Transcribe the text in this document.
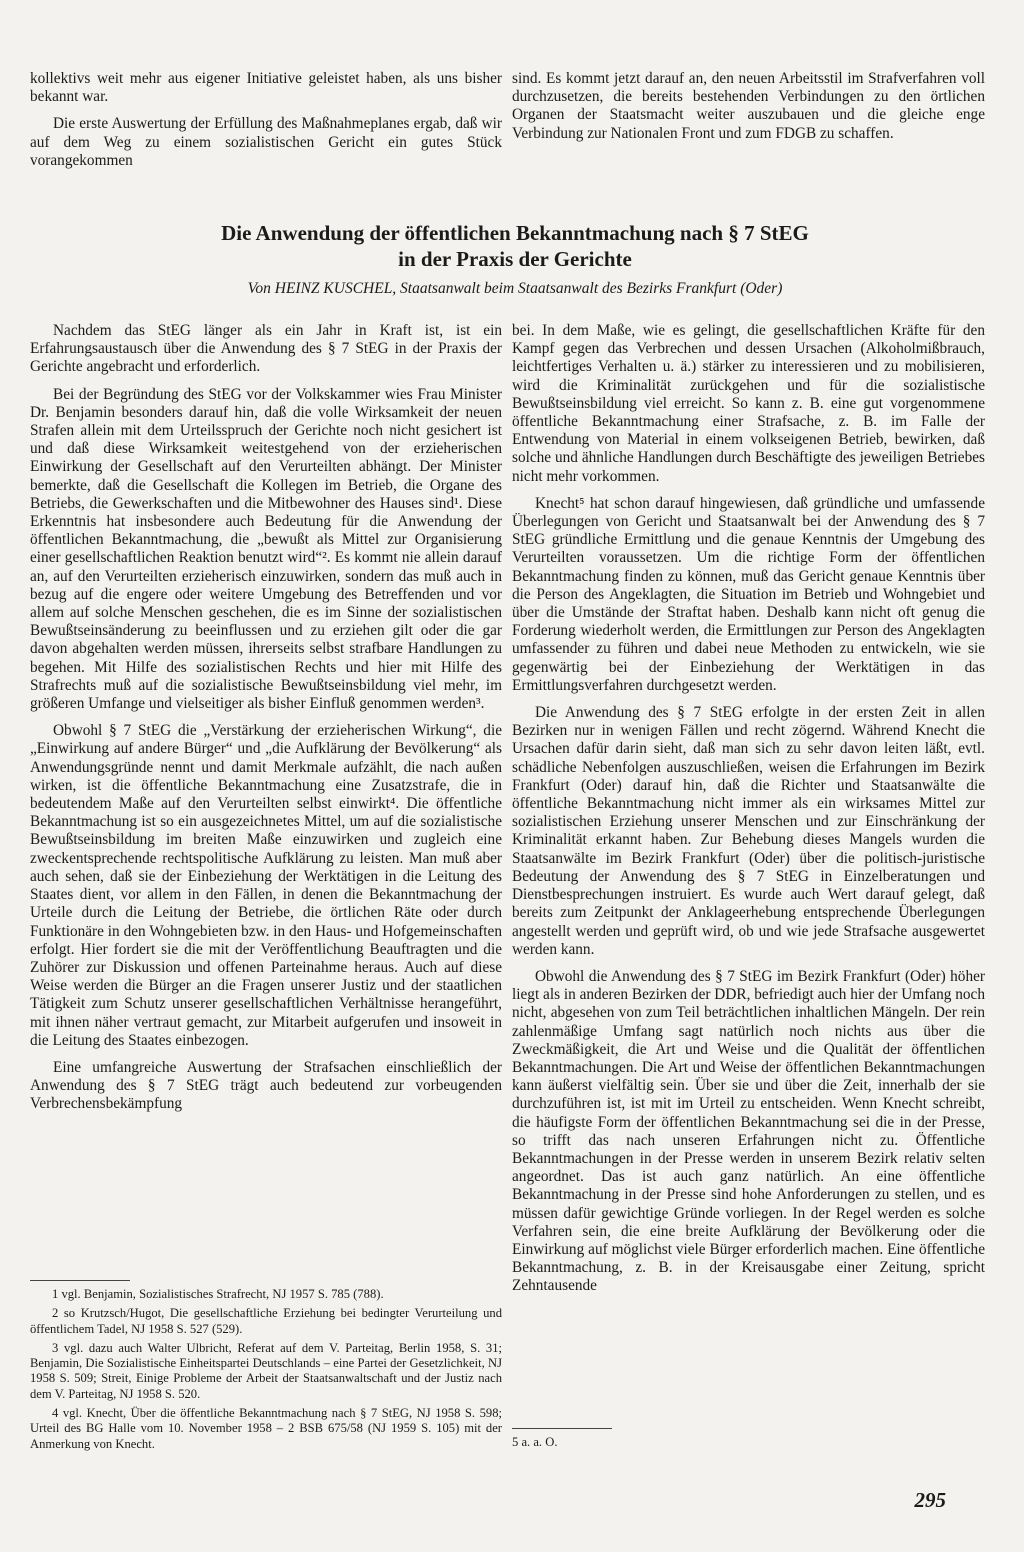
kollektivs weit mehr aus eigener Initiative geleistet haben, als uns bisher bekannt war.

Die erste Auswertung der Erfüllung des Maßnahmeplanes ergab, daß wir auf dem Weg zu einem sozialistischen Gericht ein gutes Stück vorangekommen

sind. Es kommt jetzt darauf an, den neuen Arbeitsstil im Strafverfahren voll durchzusetzen, die bereits bestehenden Verbindungen zu den örtlichen Organen der Staatsmacht weiter auszubauen und die gleiche enge Verbindung zur Nationalen Front und zum FDGB zu schaffen.

Die Anwendung der öffentlichen Bekanntmachung nach § 7 StEG
in der Praxis der Gerichte
Von HEINZ KUSCHEL, Staatsanwalt beim Staatsanwalt des Bezirks Frankfurt (Oder)

Nachdem das StEG länger als ein Jahr in Kraft ist, ist ein Erfahrungsaustausch über die Anwendung des § 7 StEG in der Praxis der Gerichte angebracht und erforderlich.

Bei der Begründung des StEG vor der Volkskammer wies Frau Minister Dr. Benjamin besonders darauf hin, daß die volle Wirksamkeit der neuen Strafen allein mit dem Urteilsspruch der Gerichte noch nicht gesichert ist und daß diese Wirksamkeit weitestgehend von der erzieherischen Einwirkung der Gesellschaft auf den Verurteilten abhängt. Der Minister bemerkte, daß die Gesellschaft die Kollegen im Betrieb, die Organe des Betriebs, die Gewerkschaften und die Mitbewohner des Hauses sind¹. Diese Erkenntnis hat insbesondere auch Bedeutung für die Anwendung der öffentlichen Bekanntmachung, die „bewußt als Mittel zur Organisierung einer gesellschaftlichen Reaktion benutzt wird“². Es kommt nie allein darauf an, auf den Verurteilten erzieherisch einzuwirken, sondern das muß auch in bezug auf die engere oder weitere Umgebung des Betreffenden und vor allem auf solche Menschen geschehen, die es im Sinne der sozialistischen Bewußtseinsänderung zu beeinflussen und zu erziehen gilt oder die gar davon abgehalten werden müssen, ihrerseits selbst strafbare Handlungen zu begehen. Mit Hilfe des sozialistischen Rechts und hier mit Hilfe des Strafrechts muß auf die sozialistische Bewußtseinsbildung viel mehr, im größeren Umfange und vielseitiger als bisher Einfluß genommen werden³.

Obwohl § 7 StEG die „Verstärkung der erzieherischen Wirkung“, die „Einwirkung auf andere Bürger“ und „die Aufklärung der Bevölkerung“ als Anwendungsgründe nennt und damit Merkmale aufzählt, die nach außen wirken, ist die öffentliche Bekanntmachung eine Zusatzstrafe, die in bedeutendem Maße auf den Verurteilten selbst einwirkt⁴. Die öffentliche Bekanntmachung ist so ein ausgezeichnetes Mittel, um auf die sozialistische Bewußtseinsbildung im breiten Maße einzuwirken und zugleich eine zweckentsprechende rechtspolitische Aufklärung zu leisten. Man muß aber auch sehen, daß sie der Einbeziehung der Werktätigen in die Leitung des Staates dient, vor allem in den Fällen, in denen die Bekanntmachung der Urteile durch die Leitung der Betriebe, die örtlichen Räte oder durch Funktionäre in den Wohngebieten bzw. in den Haus- und Hofgemeinschaften erfolgt. Hier fordert sie die mit der Veröffentlichung Beauftragten und die Zuhörer zur Diskussion und offenen Parteinahme heraus. Auch auf diese Weise werden die Bürger an die Fragen unserer Justiz und der staatlichen Tätigkeit zum Schutz unserer gesellschaftlichen Verhältnisse herangeführt, mit ihnen näher vertraut gemacht, zur Mitarbeit aufgerufen und insoweit in die Leitung des Staates einbezogen.

Eine umfangreiche Auswertung der Strafsachen einschließlich der Anwendung des § 7 StEG trägt auch bedeutend zur vorbeugenden Verbrechensbekämpfung

1 vgl. Benjamin, Sozialistisches Strafrecht, NJ 1957 S. 785 (788).

2 so Krutzsch/Hugot, Die gesellschaftliche Erziehung bei bedingter Verurteilung und öffentlichem Tadel, NJ 1958 S. 527 (529).

3 vgl. dazu auch Walter Ulbricht, Referat auf dem V. Parteitag, Berlin 1958, S. 31; Benjamin, Die Sozialistische Einheitspartei Deutschlands – eine Partei der Gesetzlichkeit, NJ 1958 S. 509; Streit, Einige Probleme der Arbeit der Staatsanwaltschaft und der Justiz nach dem V. Parteitag, NJ 1958 S. 520.

4 vgl. Knecht, Über die öffentliche Bekanntmachung nach § 7 StEG, NJ 1958 S. 598; Urteil des BG Halle vom 10. November 1958 – 2 BSB 675/58 (NJ 1959 S. 105) mit der Anmerkung von Knecht.

bei. In dem Maße, wie es gelingt, die gesellschaftlichen Kräfte für den Kampf gegen das Verbrechen und dessen Ursachen (Alkoholmißbrauch, leichtfertiges Verhalten u. ä.) stärker zu interessieren und zu mobilisieren, wird die Kriminalität zurückgehen und für die sozialistische Bewußtseinsbildung viel erreicht. So kann z. B. eine gut vorgenommene öffentliche Bekanntmachung einer Strafsache, z. B. im Falle der Entwendung von Material in einem volkseigenen Betrieb, bewirken, daß solche und ähnliche Handlungen durch Beschäftigte des jeweiligen Betriebes nicht mehr vorkommen.

Knecht⁵ hat schon darauf hingewiesen, daß gründliche und umfassende Überlegungen von Gericht und Staatsanwalt bei der Anwendung des § 7 StEG gründliche Ermittlung und die genaue Kenntnis der Umgebung des Verurteilten voraussetzen. Um die richtige Form der öffentlichen Bekanntmachung finden zu können, muß das Gericht genaue Kenntnis über die Person des Angeklagten, die Situation im Betrieb und Wohngebiet und über die Umstände der Straftat haben. Deshalb kann nicht oft genug die Forderung wiederholt werden, die Ermittlungen zur Person des Angeklagten umfassender zu führen und dabei neue Methoden zu entwickeln, wie sie gegenwärtig bei der Einbeziehung der Werktätigen in das Ermittlungsverfahren durchgesetzt werden.

Die Anwendung des § 7 StEG erfolgte in der ersten Zeit in allen Bezirken nur in wenigen Fällen und recht zögernd. Während Knecht die Ursachen dafür darin sieht, daß man sich zu sehr davon leiten läßt, evtl. schädliche Nebenfolgen auszuschließen, weisen die Erfahrungen im Bezirk Frankfurt (Oder) darauf hin, daß die Richter und Staatsanwälte die öffentliche Bekanntmachung nicht immer als ein wirksames Mittel zur sozialistischen Erziehung unserer Menschen und zur Einschränkung der Kriminalität erkannt haben. Zur Behebung dieses Mangels wurden die Staatsanwälte im Bezirk Frankfurt (Oder) über die politisch-juristische Bedeutung der Anwendung des § 7 StEG in Einzelberatungen und Dienstbesprechungen instruiert. Es wurde auch Wert darauf gelegt, daß bereits zum Zeitpunkt der Anklageerhebung entsprechende Überlegungen angestellt werden und geprüft wird, ob und wie jede Strafsache ausgewertet werden kann.

Obwohl die Anwendung des § 7 StEG im Bezirk Frankfurt (Oder) höher liegt als in anderen Bezirken der DDR, befriedigt auch hier der Umfang noch nicht, abgesehen von zum Teil beträchtlichen inhaltlichen Mängeln. Der rein zahlenmäßige Umfang sagt natürlich noch nichts aus über die Zweckmäßigkeit, die Art und Weise und die Qualität der öffentlichen Bekanntmachungen. Die Art und Weise der öffentlichen Bekanntmachungen kann äußerst vielfältig sein. Über sie und über die Zeit, innerhalb der sie durchzuführen ist, ist mit im Urteil zu entscheiden. Wenn Knecht schreibt, die häufigste Form der öffentlichen Bekanntmachung sei die in der Presse, so trifft das nach unseren Erfahrungen nicht zu. Öffentliche Bekanntmachungen in der Presse werden in unserem Bezirk relativ selten angeordnet. Das ist auch ganz natürlich. An eine öffentliche Bekanntmachung in der Presse sind hohe Anforderungen zu stellen, und es müssen dafür gewichtige Gründe vorliegen. In der Regel werden es solche Verfahren sein, die eine breite Aufklärung der Bevölkerung oder die Einwirkung auf möglichst viele Bürger erforderlich machen. Eine öffentliche Bekanntmachung, z. B. in der Kreisausgabe einer Zeitung, spricht Zehntausende

5 a. a. O.

295
